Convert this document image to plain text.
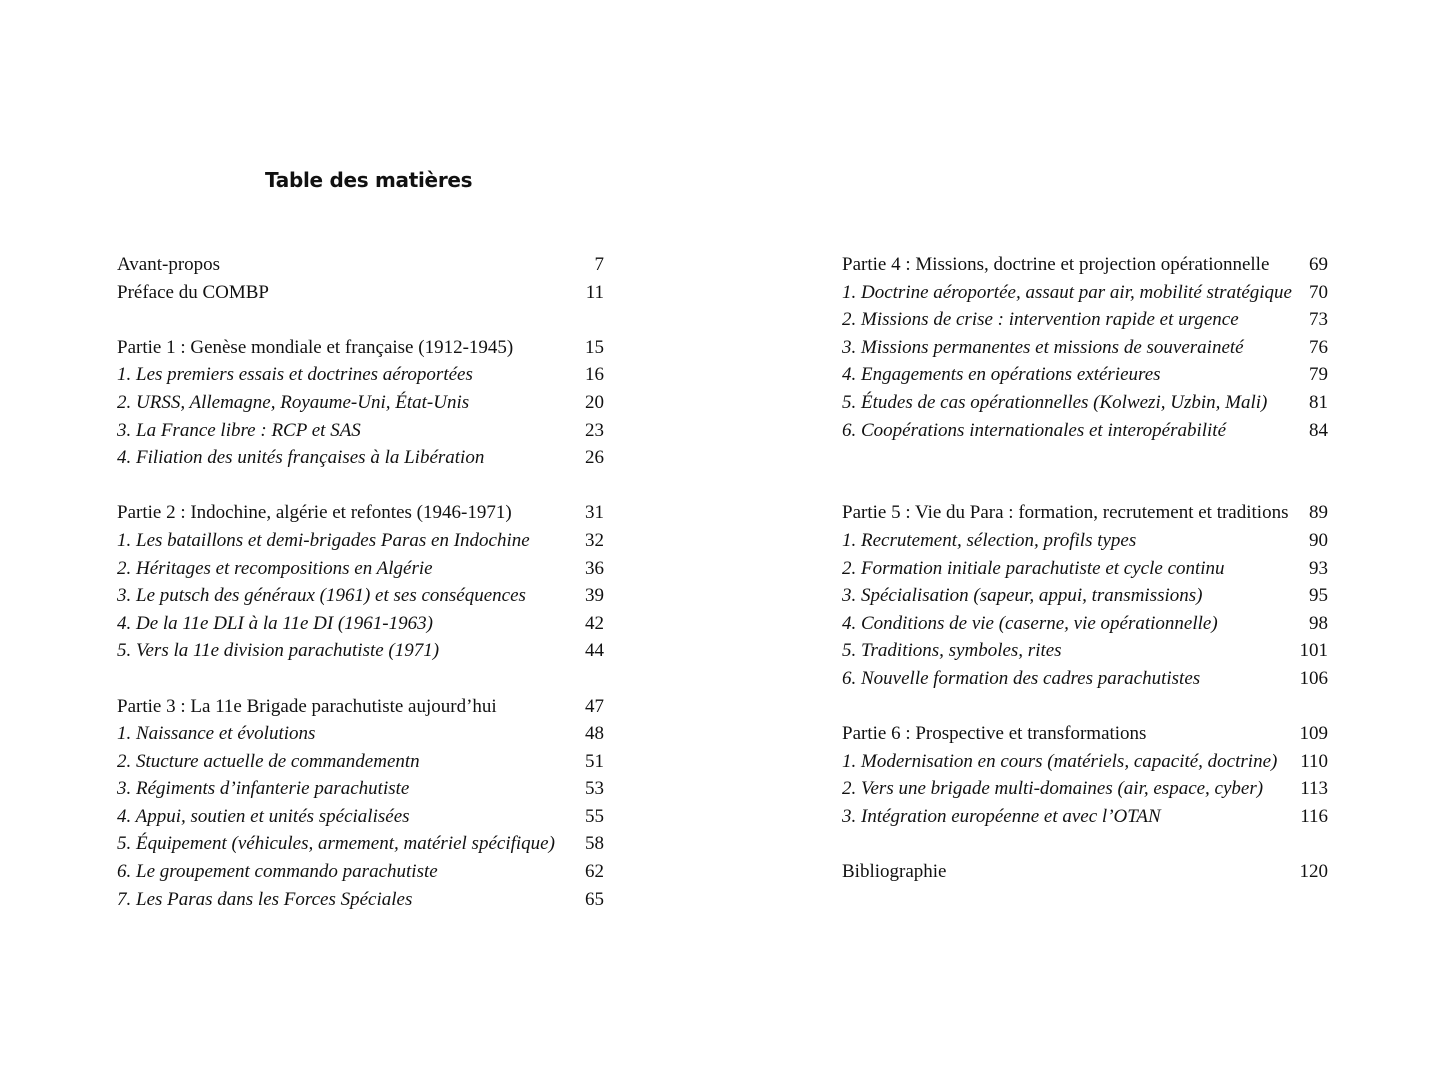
Table des matières
Avant-propos	7
Préface du COMBP	11
Partie 1 : Genèse mondiale et française (1912-1945)	15
1. Les premiers essais et doctrines aéroportées	16
2. URSS, Allemagne, Royaume-Uni, État-Unis	20
3. La France libre : RCP et SAS	23
4. Filiation des unités françaises à la Libération	26
Partie 2 : Indochine, algérie et refontes (1946-1971)	31
1. Les bataillons et demi-brigades Paras en Indochine	32
2. Héritages et recompositions en Algérie	36
3. Le putsch des généraux (1961) et ses conséquences	39
4. De la 11e DLI à la 11e DI (1961-1963)	42
5. Vers la 11e division parachutiste (1971)	44
Partie 3 : La 11e Brigade parachutiste aujourd’hui	47
1. Naissance et évolutions	48
2. Stucture actuelle de commandementn	51
3. Régiments d’infanterie parachutiste	53
4. Appui, soutien et unités spécialisées	55
5. Équipement (véhicules, armement, matériel spécifique) 58
6. Le groupement commando parachutiste	62
7. Les Paras dans les Forces Spéciales	65
Partie 4 : Missions, doctrine et projection opérationnelle 69
1. Doctrine aéroportée, assaut par air, mobilité stratégique 70
2. Missions de crise : intervention rapide et urgence	73
3. Missions permanentes et missions de souveraineté	76
4. Engagements en opérations extérieures	79
5. Études de cas opérationnelles (Kolwezi, Uzbin, Mali) 81
6. Coopérations internationales et interopérabilité	84
Partie 5 : Vie du Para : formation, recrutement et traditions 89
1. Recrutement, sélection, profils types	90
2. Formation initiale parachutiste et cycle continu	93
3. Spécialisation (sapeur, appui, transmissions)	95
4. Conditions de vie (caserne, vie opérationnelle)	98
5. Traditions, symboles, rites	101
6. Nouvelle formation des cadres parachutistes	106
Partie 6 : Prospective et transformations	109
1. Modernisation en cours (matériels, capacité, doctrine) 110
2. Vers une brigade multi-domaines (air, espace, cyber) 113
3. Intégration européenne et avec l’OTAN	116
Bibliographie	120
